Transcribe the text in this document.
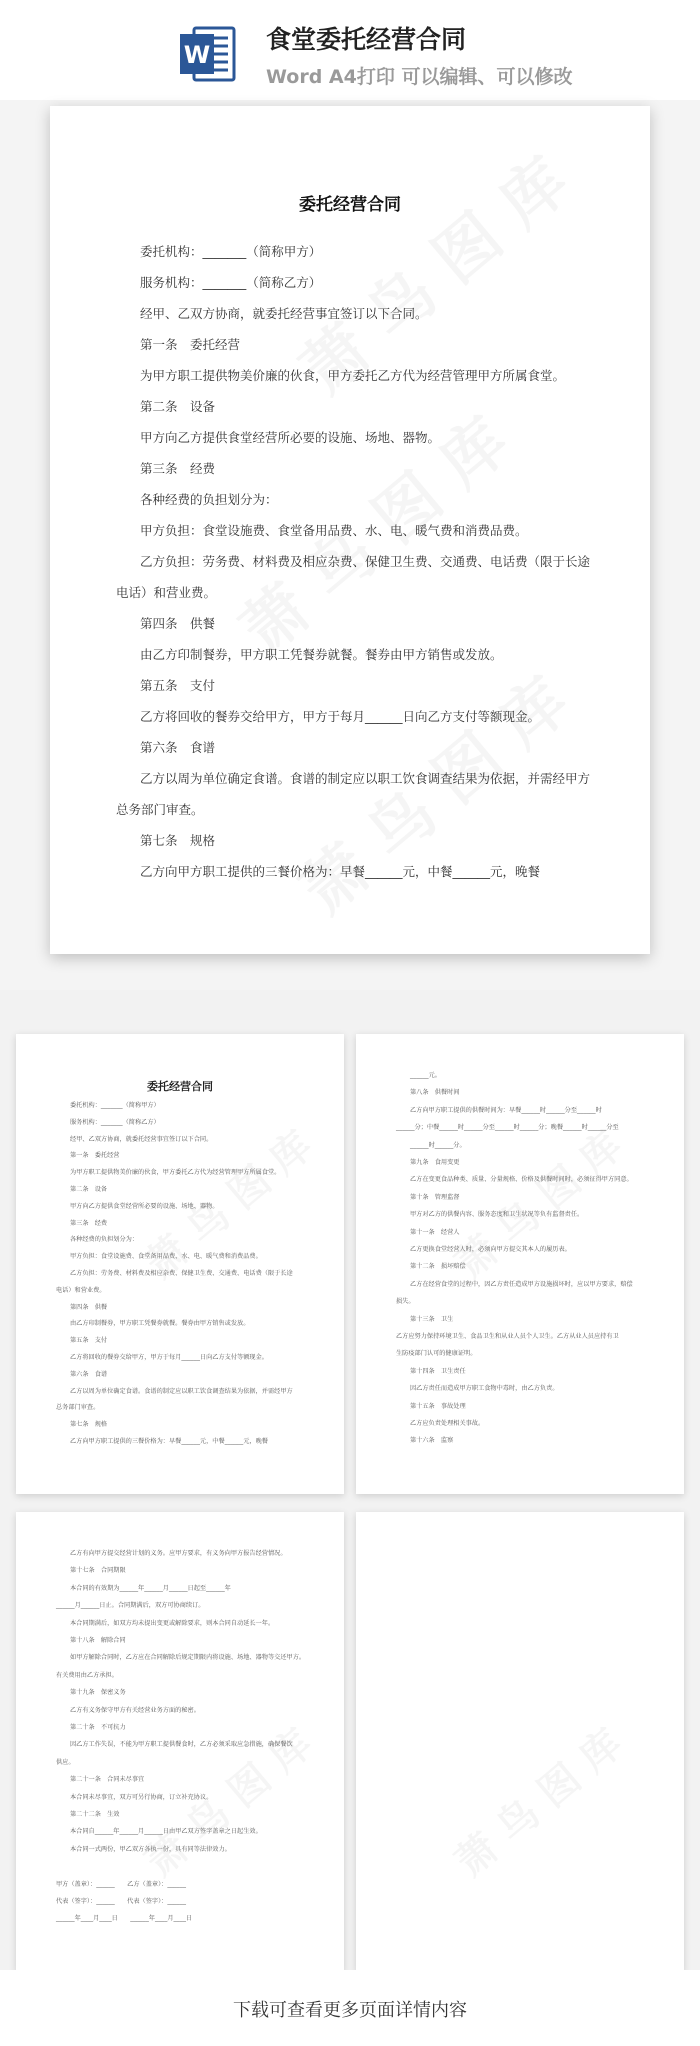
W
食堂委托经营合同
Word A4打印 可以编辑、可以修改
委托经营合同
委托机构：_______（简称甲方）
服务机构：_______（简称乙方）
经甲、乙双方协商，就委托经营事宜签订以下合同。
第一条　委托经营
为甲方职工提供物美价廉的伙食，甲方委托乙方代为经营管理甲方所属食堂。
第二条　设备
甲方向乙方提供食堂经营所必要的设施、场地、器物。
第三条　经费
各种经费的负担划分为：
甲方负担：食堂设施费、食堂备用品费、水、电、暖气费和消费品费。
乙方负担：劳务费、材料费及相应杂费、保健卫生费、交通费、电话费（限于长途
电话）和营业费。
第四条　供餐
由乙方印制餐券，甲方职工凭餐券就餐。餐券由甲方销售或发放。
第五条　支付
乙方将回收的餐券交给甲方，甲方于每月______日向乙方支付等额现金。
第六条　食谱
乙方以周为单位确定食谱。食谱的制定应以职工饮食调查结果为依据，并需经甲方
总务部门审查。
第七条　规格
乙方向甲方职工提供的三餐价格为：早餐______元，中餐______元，晚餐
委托经营合同
委托机构：_______（简称甲方）
服务机构：_______（简称乙方）
经甲、乙双方协商，就委托经营事宜签订以下合同。
第一条　委托经营
为甲方职工提供物美价廉的伙食，甲方委托乙方代为经营管理甲方所属食堂。
第二条　设备
甲方向乙方提供食堂经营所必要的设施、场地、器物。
第三条　经费
各种经费的负担划分为：
甲方负担：食堂设施费、食堂备用品费、水、电、暖气费和消费品费。
乙方负担：劳务费、材料费及相应杂费、保健卫生费、交通费、电话费（限于长途
电话）和营业费。
第四条　供餐
由乙方印制餐券，甲方职工凭餐券就餐。餐券由甲方销售或发放。
第五条　支付
乙方将回收的餐券交给甲方，甲方于每月______日向乙方支付等额现金。
第六条　食谱
乙方以周为单位确定食谱。食谱的制定应以职工饮食调查结果为依据，并需经甲方
总务部门审查。
第七条　规格
乙方向甲方职工提供的三餐价格为：早餐______元，中餐______元，晚餐
______元。
第八条　供餐时间
乙方向甲方职工提供的供餐时间为：早餐______时______分至______时
______分；中餐______时______分至______时______分；晚餐______时______分至
______时______分。
第九条　食用变更
乙方在变更食品种类、质量、分量规格、价格及供餐时间时，必须征得甲方同意。
第十条　管理监督
甲方对乙方的供餐内容、服务态度和卫生状况等负有监督责任。
第十一条　经营人
乙方更换食堂经营人时，必须向甲方提交其本人的履历表。
第十二条　损坏赔偿
乙方在经营食堂的过程中，因乙方责任造成甲方设施损坏时，应以甲方要求，赔偿
损失。
第十三条　卫生
乙方应努力保持环境卫生、食品卫生和从业人员个人卫生。乙方从业人员应持有卫
生防疫部门认可的健康证明。
第十四条　卫生责任
因乙方责任而造成甲方职工食物中毒时，由乙方负责。
第十五条　事故处理
乙方应负责处理相关事故。
第十六条　监察
乙方有向甲方提交经营计划的义务。应甲方要求，有义务向甲方报告经营情况。
第十七条　合同期限
本合同的有效期为______年______月______日起至______年
______月______日止。合同期满后，双方可协商续订。
本合同期满后，如双方均未提出变更或解除要求，则本合同自动延长一年。
第十八条　解除合同
如甲方解除合同时，乙方应在合同解除后规定期限内将设施、场地、器物等交还甲方。
有关费用由乙方承担。
第十九条　保密义务
乙方有义务保守甲方有关经营业务方面的秘密。
第二十条　不可抗力
因乙方工作失误，不能为甲方职工提供餐食时，乙方必须采取应急措施，确保餐饮
供应。
第二十一条　合同未尽事宜
本合同未尽事宜，双方可另行协商，订立补充协议。
第二十二条　生效
本合同自______年______月______日由甲乙双方签字盖章之日起生效。
本合同一式两份，甲乙双方各执一份，具有同等法律效力。
甲方（盖章）：______　　乙方（盖章）：______
代表（签字）：______　　代表（签字）：______
______年____月____日　　______年____月____日
下载可查看更多页面详情内容
